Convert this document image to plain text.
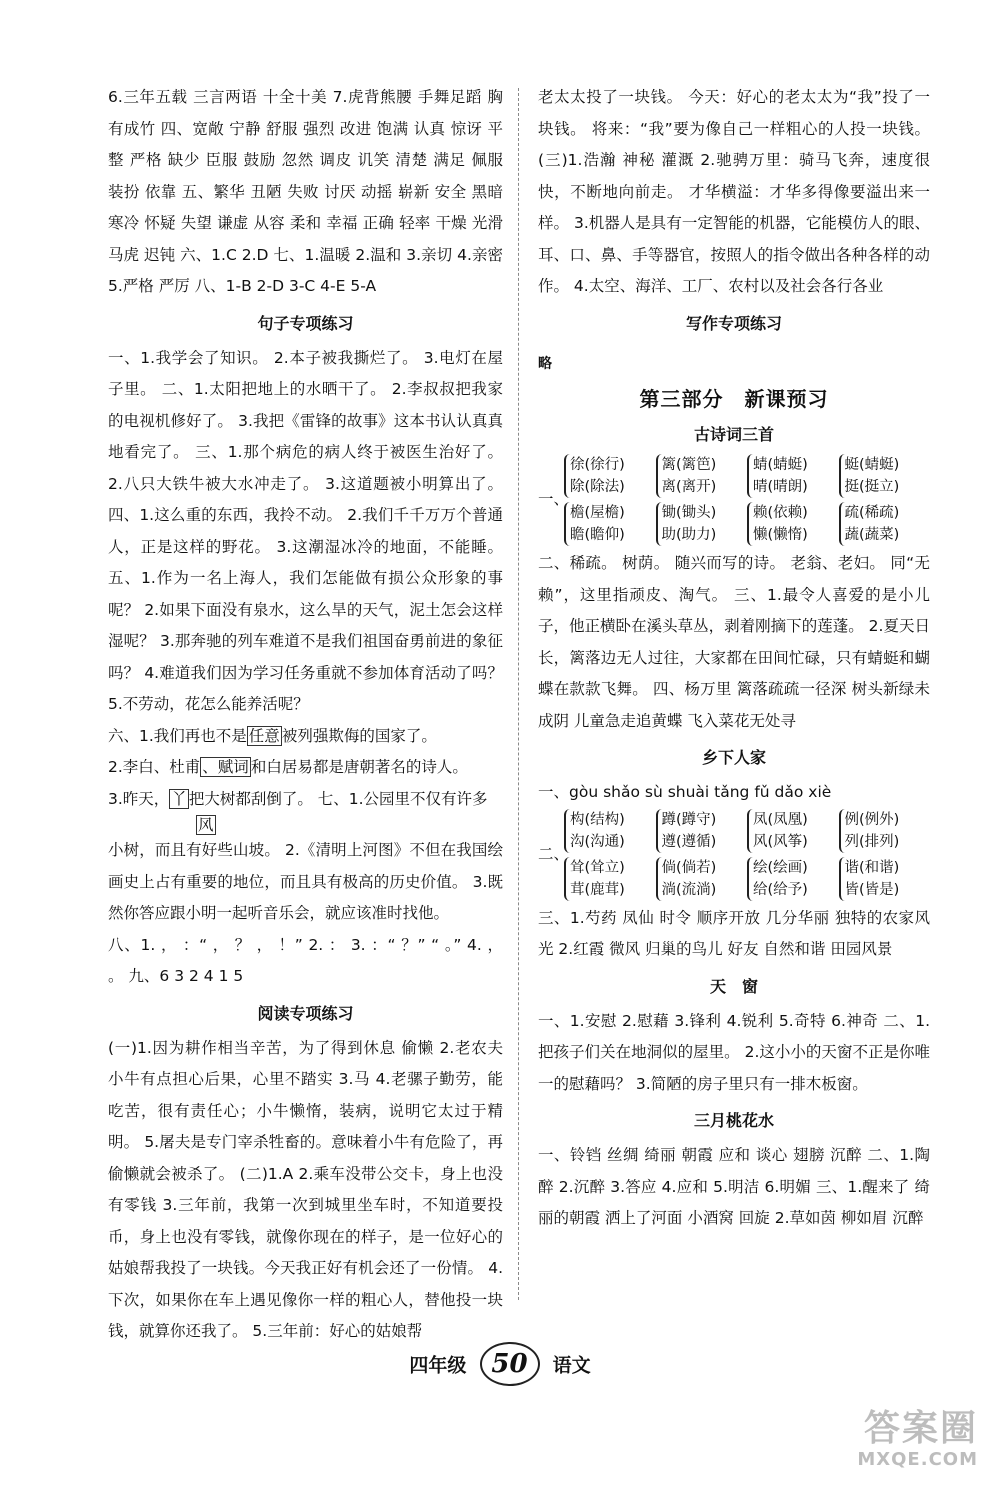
6.三年五载 三言两语 十全十美 7.虎背熊腰 手舞足蹈 胸有成竹 四、宽敞 宁静 舒服 强烈 改进 饱满 认真 惊讶 平整 严格 缺少 臣服 鼓励 忽然 调皮 讥笑 清楚 满足 佩服 装扮 依靠 五、繁华 丑陋 失败 讨厌 动摇 崭新 安全 黑暗 寒冷 怀疑 失望 谦虚 从容 柔和 幸福 正确 轻率 干燥 光滑 马虎 迟钝 六、1.C 2.D 七、1.温暖 2.温和 3.亲切 4.亲密 5.严格 严厉 八、1-B 2-D 3-C 4-E 5-A

句子专项练习

一、1.我学会了知识。 2.本子被我撕烂了。 3.电灯在屋子里。 二、1.太阳把地上的水晒干了。 2.李叔叔把我家的电视机修好了。 3.我把《雷锋的故事》这本书认认真真地看完了。 三、1.那个病危的病人终于被医生治好了。 2.八只大铁牛被大水冲走了。 3.这道题被小明算出了。 四、1.这么重的东西，我拎不动。 2.我们千千万万个普通人，正是这样的野花。 3.这潮湿冰冷的地面，不能睡。 五、1.作为一名上海人，我们怎能做有损公众形象的事呢？ 2.如果下面没有泉水，这么旱的天气，泥土怎会这样湿呢？ 3.那奔驰的列车难道不是我们祖国奋勇前进的象征吗？ 4.难道我们因为学习任务重就不参加体育活动了吗？ 5.不劳动，花怎么能养活呢？

六、1.我们再也不是 任意 被列强欺侮的国家了。

2.李白、杜甫 、赋词 和白居易都是唐朝著名的诗人。

3.昨天， 丫 把大树都刮倒了。 七、1.公园里不仅有许多

风

小树，而且有好些山坡。 2.《清明上河图》不但在我国绘画史上占有重要的地位，而且具有极高的历史价值。 3.既然你答应跟小明一起听音乐会，就应该准时找他。

八、1. ， ：“ ， ？ ， ！” 2. ： 3. ：“ ？” “ 。” 4. ， 。 九、6 3 2 4 1 5

阅读专项练习

(一)1.因为耕作相当辛苦，为了得到休息 偷懒 2.老农夫 小牛有点担心后果，心里不踏实 3.马 4.老骡子勤劳，能吃苦，很有责任心；小牛懒惰，装病，说明它太过于精明。 5.屠夫是专门宰杀牲畜的。意味着小牛有危险了，再偷懒就会被杀了。 (二)1.A 2.乘车没带公交卡，身上也没有零钱 3.三年前，我第一次到城里坐车时，不知道要投币，身上也没有零钱，就像你现在的样子，是一位好心的姑娘帮我投了一块钱。今天我正好有机会还了一份情。 4.下次，如果你在车上遇见像你一样的粗心人，替他投一块钱，就算你还我了。 5.三年前：好心的姑娘帮

老太太投了一块钱。 今天：好心的老太太为“我”投了一块钱。 将来：“我”要为像自己一样粗心的人投一块钱。 (三)1.浩瀚 神秘 灌溉 2.驰骋万里：骑马飞奔，速度很快，不断地向前走。 才华横溢：才华多得像要溢出来一样。 3.机器人是具有一定智能的机器，它能模仿人的眼、耳、口、鼻、手等器官，按照人的指令做出各种各样的动作。 4.太空、海洋、工厂、农村以及社会各行各业

写作专项练习
略
第三部分　新课预习
古诗词三首
一、
徐(徐行)
除(除法)
篱(篱笆)
离(离开)
蜻(蜻蜓)
晴(晴朗)
蜓(蜻蜓)
挺(挺立)
檐(屋檐)
瞻(瞻仰)
锄(锄头)
助(助力)
赖(依赖)
懒(懒惰)
疏(稀疏)
蔬(蔬菜)

二、稀疏。 树荫。 随兴而写的诗。 老翁、老妇。 同“无赖”，这里指顽皮、淘气。 三、1.最令人喜爱的是小儿子，他正横卧在溪头草丛，剥着刚摘下的莲蓬。 2.夏天日长，篱落边无人过往，大家都在田间忙碌，只有蜻蜓和蝴蝶在款款飞舞。 四、杨万里 篱落疏疏一径深 树头新绿未成阴 儿童急走追黄蝶 飞入菜花无处寻

乡下人家

一、gòu shǎo sù shuài tǎng fǔ dǎo xiè

二、
构(结构)
沟(沟通)
蹲(蹲守)
遵(遵循)
凤(凤凰)
风(风筝)
例(例外)
列(排列)
耸(耸立)
茸(鹿茸)
倘(倘若)
淌(流淌)
绘(绘画)
给(给予)
谐(和谐)
皆(皆是)

三、1.芍药 凤仙 时令 顺序开放 几分华丽 独特的农家风光 2.红霞 微风 归巢的鸟儿 好友 自然和谐 田园风景

天　窗

一、1.安慰 2.慰藉 3.锋利 4.锐利 5.奇特 6.神奇 二、1.把孩子们关在地洞似的屋里。 2.这小小的天窗不正是你唯一的慰藉吗？ 3.简陋的房子里只有一排木板窗。

三月桃花水

一、铃铛 丝绸 绮丽 朝霞 应和 谈心 翅膀 沉醉 二、1.陶醉 2.沉醉 3.答应 4.应和 5.明洁 6.明媚 三、1.醒来了 绮丽的朝霞 洒上了河面 小酒窝 回旋 2.草如茵 柳如眉 沉醉

四年级 50 语文
答案圈
MXQE.COM
